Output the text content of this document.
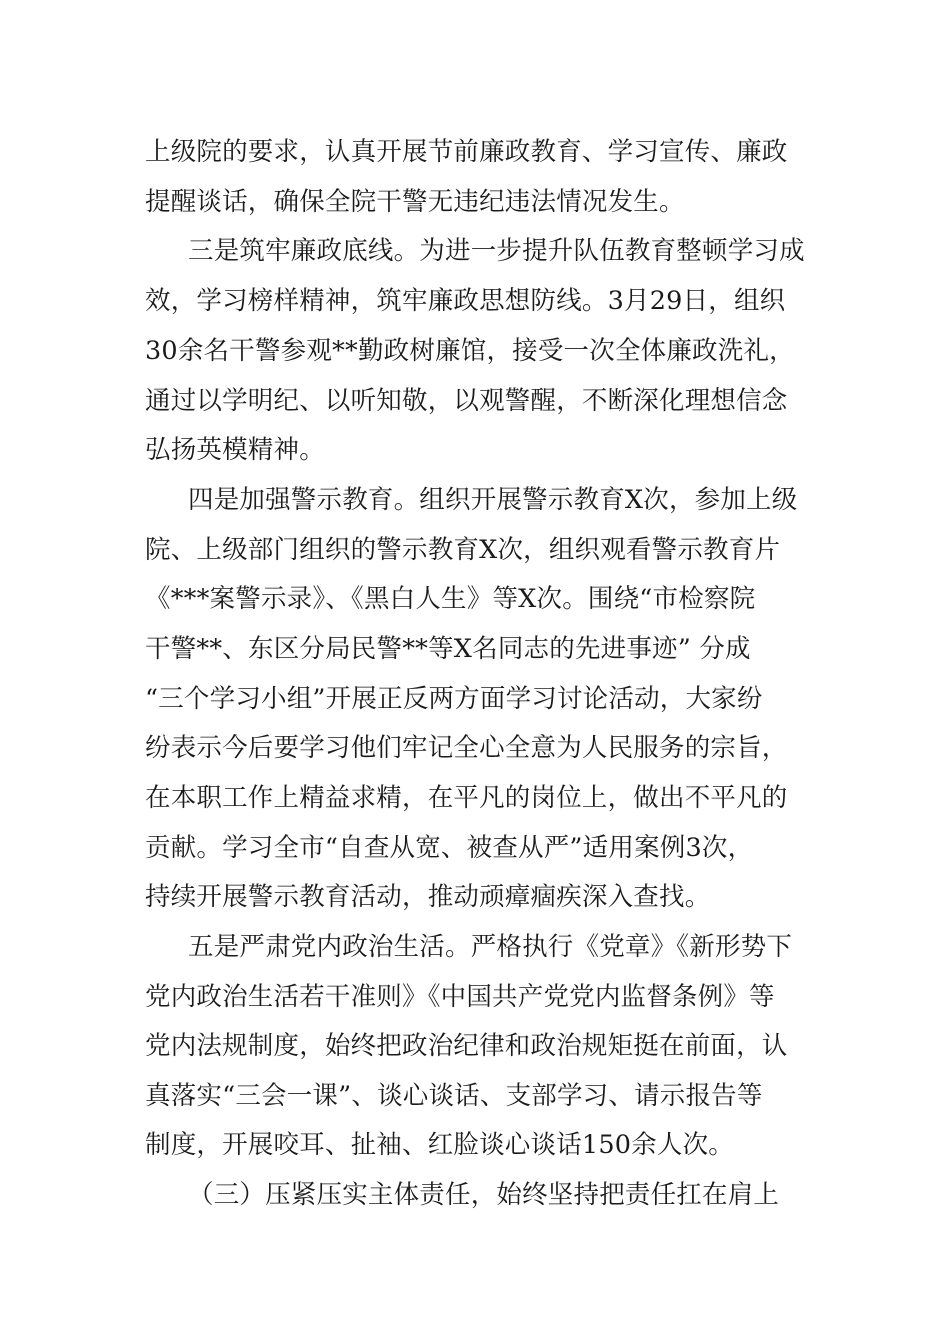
上级院的要求，认真开展节前廉政教育、学习宣传、廉政
提醒谈话，确保全院干警无违纪违法情况发生。
三是筑牢廉政底线。为进一步提升队伍教育整顿学习成
效，学习榜样精神，筑牢廉政思想防线。3月29日，组织
30余名干警参观**勤政树廉馆，接受一次全体廉政洗礼，
通过以学明纪、以听知敬，以观警醒，不断深化理想信念
弘扬英模精神。
四是加强警示教育。组织开展警示教育X次，参加上级
院、上级部门组织的警示教育X次，组织观看警示教育片
《***案警示录》、《黑白人生》等X次。围绕“市检察院
干警**、东区分局民警**等X名同志的先进事迹” 分成
“三个学习小组”开展正反两方面学习讨论活动，大家纷
纷表示今后要学习他们牢记全心全意为人民服务的宗旨，
在本职工作上精益求精，在平凡的岗位上，做出不平凡的
贡献。学习全市“自查从宽、被查从严”适用案例3次，
持续开展警示教育活动，推动顽瘴痼疾深入查找。
五是严肃党内政治生活。严格执行《党章》《新形势下
党内政治生活若干准则》《中国共产党党内监督条例》等
党内法规制度，始终把政治纪律和政治规矩挺在前面，认
真落实“三会一课”、谈心谈话、支部学习、请示报告等
制度，开展咬耳、扯袖、红脸谈心谈话150余人次。
（三）压紧压实主体责任，始终坚持把责任扛在肩上
